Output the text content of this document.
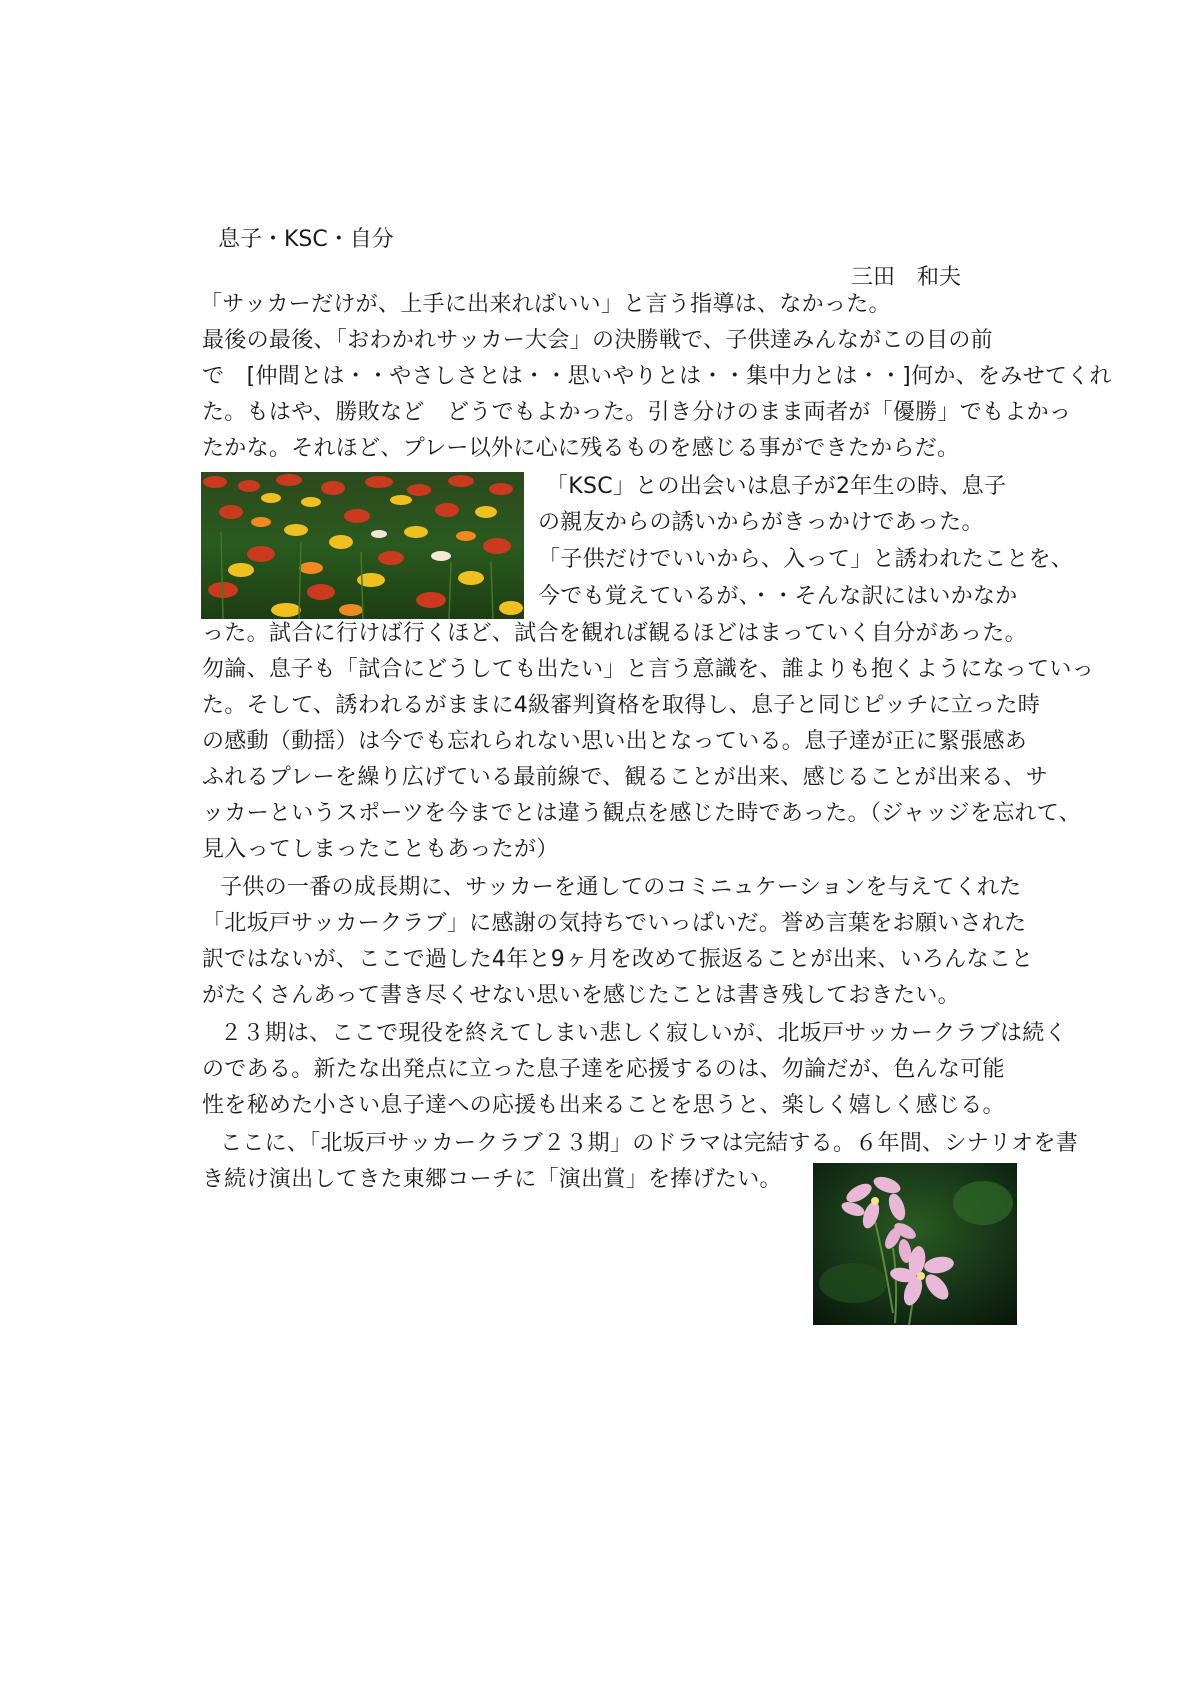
息子・KSC・自分
三田　和夫
「サッカーだけが、上手に出来ればいい」と言う指導は、なかった。
最後の最後、「おわかれサッカー大会」の決勝戦で、子供達みんながこの目の前
で　[仲間とは・・やさしさとは・・思いやりとは・・集中力とは・・]何か、をみせてくれ
た。もはや、勝敗など　どうでもよかった。引き分けのまま両者が「優勝」でもよかっ
たかな。それほど、プレー以外に心に残るものを感じる事ができたからだ。
「KSC」との出会いは息子が2年生の時、息子
の親友からの誘いからがきっかけであった。
「子供だけでいいから、入って」と誘われたことを、
今でも覚えているが、・・そんな訳にはいかなか
った。試合に行けば行くほど、試合を観れば観るほどはまっていく自分があった。
勿論、息子も「試合にどうしても出たい」と言う意識を、誰よりも抱くようになっていっ
た。そして、誘われるがままに4級審判資格を取得し、息子と同じピッチに立った時
の感動（動揺）は今でも忘れられない思い出となっている。息子達が正に緊張感あ
ふれるプレーを繰り広げている最前線で、観ることが出来、感じることが出来る、サ
ッカーというスポーツを今までとは違う観点を感じた時であった。（ジャッジを忘れて、
見入ってしまったこともあったが）
子供の一番の成長期に、サッカーを通してのコミニュケーションを与えてくれた
「北坂戸サッカークラブ」に感謝の気持ちでいっぱいだ。誉め言葉をお願いされた
訳ではないが、ここで過した4年と9ヶ月を改めて振返ることが出来、いろんなこと
がたくさんあって書き尽くせない思いを感じたことは書き残しておきたい。
２３期は、ここで現役を終えてしまい悲しく寂しいが、北坂戸サッカークラブは続く
のである。新たな出発点に立った息子達を応援するのは、勿論だが、色んな可能
性を秘めた小さい息子達への応援も出来ることを思うと、楽しく嬉しく感じる。
ここに、「北坂戸サッカークラブ２３期」のドラマは完結する。６年間、シナリオを書
き続け演出してきた東郷コーチに「演出賞」を捧げたい。
